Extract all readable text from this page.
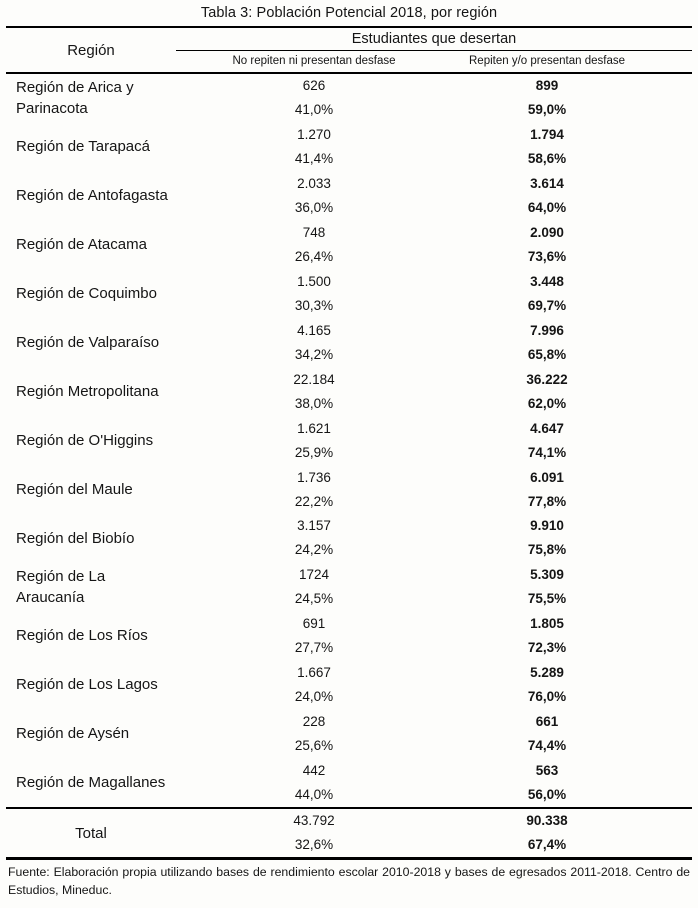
Tabla 3: Población Potencial 2018, por región
Región
Estudiantes que desertan
No repiten ni presentan desfase	Repiten y/o presentan desfase
Región de Arica y Parinacota
626
41,0%
899
59,0%
Región de Tarapacá
1.270
41,4%
1.794
58,6%
Región de Antofagasta
2.033
36,0%
3.614
64,0%
Región de Atacama
748
26,4%
2.090
73,6%
Región de Coquimbo
1.500
30,3%
3.448
69,7%
Región de Valparaíso
4.165
34,2%
7.996
65,8%
Región Metropolitana
22.184
38,0%
36.222
62,0%
Región de O'Higgins
1.621
25,9%
4.647
74,1%
Región del Maule
1.736
22,2%
6.091
77,8%
Región del Biobío
3.157
24,2%
9.910
75,8%
Región de La Araucanía
1724
24,5%
5.309
75,5%
Región de Los Ríos
691
27,7%
1.805
72,3%
Región de Los Lagos
1.667
24,0%
5.289
76,0%
Región de Aysén
228
25,6%
661
74,4%
Región de Magallanes
442
44,0%
563
56,0%
Total
43.792
32,6%
90.338
67,4%
Fuente: Elaboración propia utilizando bases de rendimiento escolar 2010-2018 y bases de egresados 2011-2018. Centro de Estudios, Mineduc.
